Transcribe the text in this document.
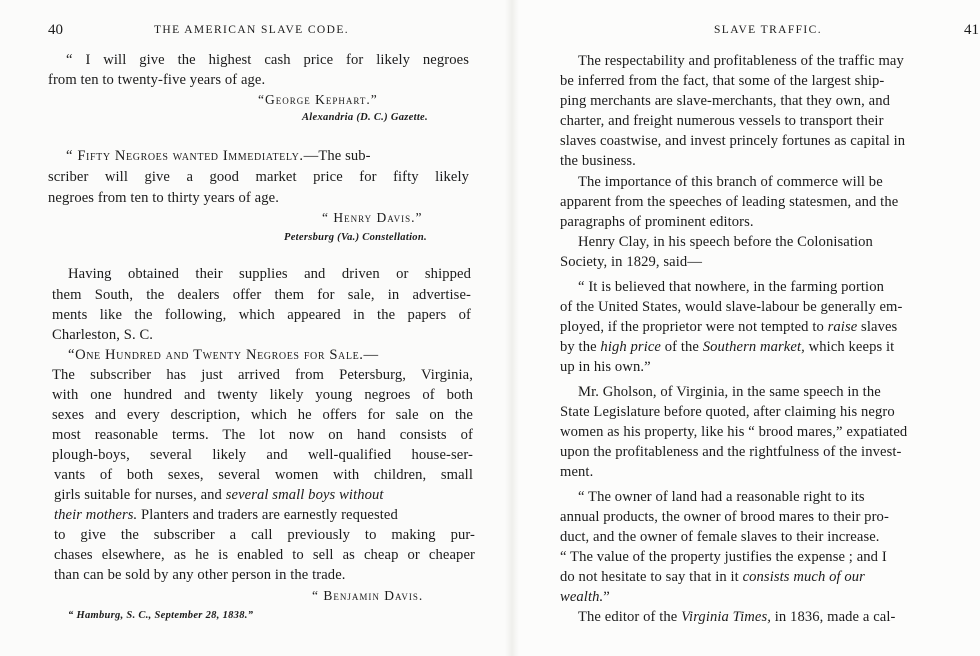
40	THE AMERICAN SLAVE CODE.
“ I will give the highest cash price for likely negroes
from ten to twenty-five years of age.
“George Kephart.”
Alexandria (D. C.) Gazette.
“ Fifty Negroes wanted Immediately.—The sub-
scriber will give a good market price for fifty likely
negroes from ten to thirty years of age.
“ Henry Davis.”
Petersburg (Va.) Constellation.
Having obtained their supplies and driven or shipped
them South, the dealers offer them for sale, in advertise-
ments like the following, which appeared in the papers of
Charleston, S. C.
“One Hundred and Twenty Negroes for Sale.—
The subscriber has just arrived from Petersburg, Virginia,
with one hundred and twenty likely young negroes of both
sexes and every description, which he offers for sale on the
most reasonable terms. The lot now on hand consists of
plough-boys, several likely and well-qualified house-ser-
vants of both sexes, several women with children, small
girls suitable for nurses, and several small boys without
their mothers. Planters and traders are earnestly requested
to give the subscriber a call previously to making pur-
chases elsewhere, as he is enabled to sell as cheap or cheaper
than can be sold by any other person in the trade.
“ Benjamin Davis.
“ Hamburg, S. C., September 28, 1838.”
SLAVE TRAFFIC.	41
The respectability and profitableness of the traffic may
be inferred from the fact, that some of the largest ship-
ping merchants are slave-merchants, that they own, and
charter, and freight numerous vessels to transport their
slaves coastwise, and invest princely fortunes as capital in
the business.
The importance of this branch of commerce will be
apparent from the speeches of leading statesmen, and the
paragraphs of prominent editors.
Henry Clay, in his speech before the Colonisation
Society, in 1829, said—
“ It is believed that nowhere, in the farming portion
of the United States, would slave-labour be generally em-
ployed, if the proprietor were not tempted to raise slaves
by the high price of the Southern market, which keeps it
up in his own.”
Mr. Gholson, of Virginia, in the same speech in the
State Legislature before quoted, after claiming his negro
women as his property, like his “ brood mares,” expatiated
upon the profitableness and the rightfulness of the invest-
ment.
“ The owner of land had a reasonable right to its
annual products, the owner of brood mares to their pro-
duct, and the owner of female slaves to their increase.
“ The value of the property justifies the expense ; and I
do not hesitate to say that in it consists much of our
wealth.”
The editor of the Virginia Times, in 1836, made a cal-
